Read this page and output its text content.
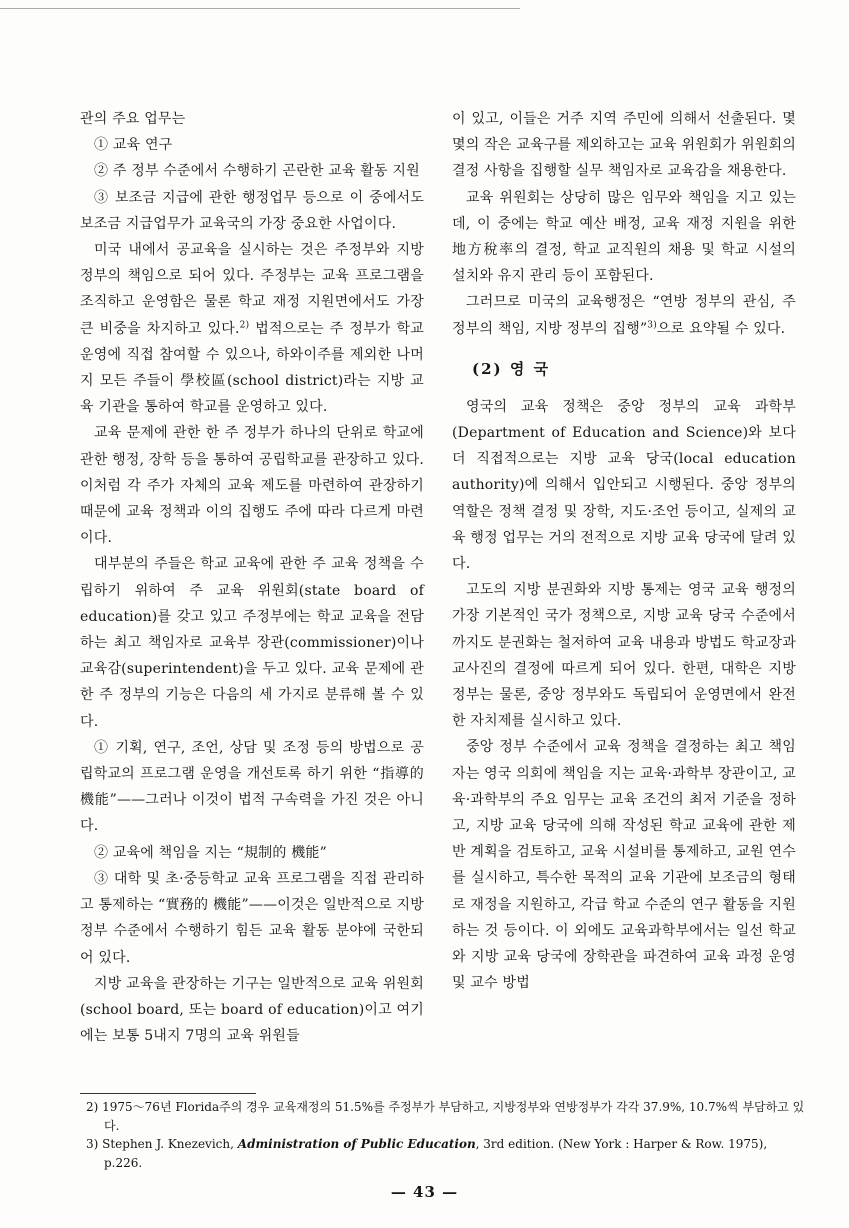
관의 주요 업무는

① 교육 연구

② 주 정부 수준에서 수행하기 곤란한 교육 활동 지원

③ 보조금 지급에 관한 행정업무 등으로 이 중에서도 보조금 지급업무가 교육국의 가장 중요한 사업이다.

미국 내에서 공교육을 실시하는 것은 주정부와 지방 정부의 책임으로 되어 있다. 주정부는 교육 프로그램을 조직하고 운영함은 물론 학교 재정 지원면에서도 가장 큰 비중을 차지하고 있다.$^{2)}$ 법적으로는 주 정부가 학교 운영에 직접 참여할 수 있으나, 하와이주를 제외한 나머지 모든 주들이 學校區(school district)라는 지방 교육 기관을 통하여 학교를 운영하고 있다.

교육 문제에 관한 한 주 정부가 하나의 단위로 학교에 관한 행정, 장학 등을 통하여 공립학교를 관장하고 있다. 이처럼 각 주가 자체의 교육 제도를 마련하여 관장하기 때문에 교육 정책과 이의 집행도 주에 따라 다르게 마련이다.

대부분의 주들은 학교 교육에 관한 주 교육 정책을 수립하기 위하여 주 교육 위원회(state board of education)를 갖고 있고 주정부에는 학교 교육을 전담하는 최고 책임자로 교육부 장관(commissioner)이나 교육감(superintendent)을 두고 있다. 교육 문제에 관한 주 정부의 기능은 다음의 세 가지로 분류해 볼 수 있다.

① 기획, 연구, 조언, 상담 및 조정 등의 방법으로 공립학교의 프로그램 운영을 개선토록 하기 위한 “指導的 機能”——그러나 이것이 법적 구속력을 가진 것은 아니다.

② 교육에 책임을 지는 “規制的 機能”

③ 대학 및 초·중등학교 교육 프로그램을 직접 관리하고 통제하는 “實務的 機能”——이것은 일반적으로 지방정부 수준에서 수행하기 힘든 교육 활동 분야에 국한되어 있다.

지방 교육을 관장하는 기구는 일반적으로 교육 위원회(school board, 또는 board of education)이고 여기에는 보통 5내지 7명의 교육 위원들

이 있고, 이들은 거주 지역 주민에 의해서 선출된다. 몇몇의 작은 교육구를 제외하고는 교육 위원회가 위원회의 결정 사항을 집행할 실무 책임자로 교육감을 채용한다.

교육 위원회는 상당히 많은 임무와 책임을 지고 있는데, 이 중에는 학교 예산 배정, 교육 재정 지원을 위한 地方稅率의 결정, 학교 교직원의 채용 및 학교 시설의 설치와 유지 관리 등이 포함된다.

그러므로 미국의 교육행정은 “연방 정부의 관심, 주 정부의 책임, 지방 정부의 집행”$^{3)}$으로 요약될 수 있다.

(2) 영 국

영국의 교육 정책은 중앙 정부의 교육 과학부(Department of Education and Science)와 보다 더 직접적으로는 지방 교육 당국(local education authority)에 의해서 입안되고 시행된다. 중앙 정부의 역할은 정책 결정 및 장학, 지도·조언 등이고, 실제의 교육 행정 업무는 거의 전적으로 지방 교육 당국에 달려 있다.

고도의 지방 분권화와 지방 통제는 영국 교육 행정의 가장 기본적인 국가 정책으로, 지방 교육 당국 수준에서 까지도 분권화는 철저하여 교육 내용과 방법도 학교장과 교사진의 결정에 따르게 되어 있다. 한편, 대학은 지방 정부는 물론, 중앙 정부와도 독립되어 운영면에서 완전한 자치제를 실시하고 있다.

중앙 정부 수준에서 교육 정책을 결정하는 최고 책임자는 영국 의회에 책임을 지는 교육·과학부 장관이고, 교육·과학부의 주요 임무는 교육 조건의 최저 기준을 정하고, 지방 교육 당국에 의해 작성된 학교 교육에 관한 제반 계획을 검토하고, 교육 시설비를 통제하고, 교원 연수를 실시하고, 특수한 목적의 교육 기관에 보조금의 형태로 재정을 지원하고, 각급 학교 수준의 연구 활동을 지원하는 것 등이다. 이 외에도 교육과학부에서는 일선 학교와 지방 교육 당국에 장학관을 파견하여 교육 과정 운영 및 교수 방법

2) 1975～76년 Florida주의 경우 교육재정의 51.5%를 주정부가 부담하고, 지방정부와 연방정부가 각각 37.9%, 10.7%씩 부담하고 있다.

3) Stephen J. Knezevich, Administration of Public Education, 3rd edition. (New York : Harper & Row. 1975), p.226.

— 43 —
